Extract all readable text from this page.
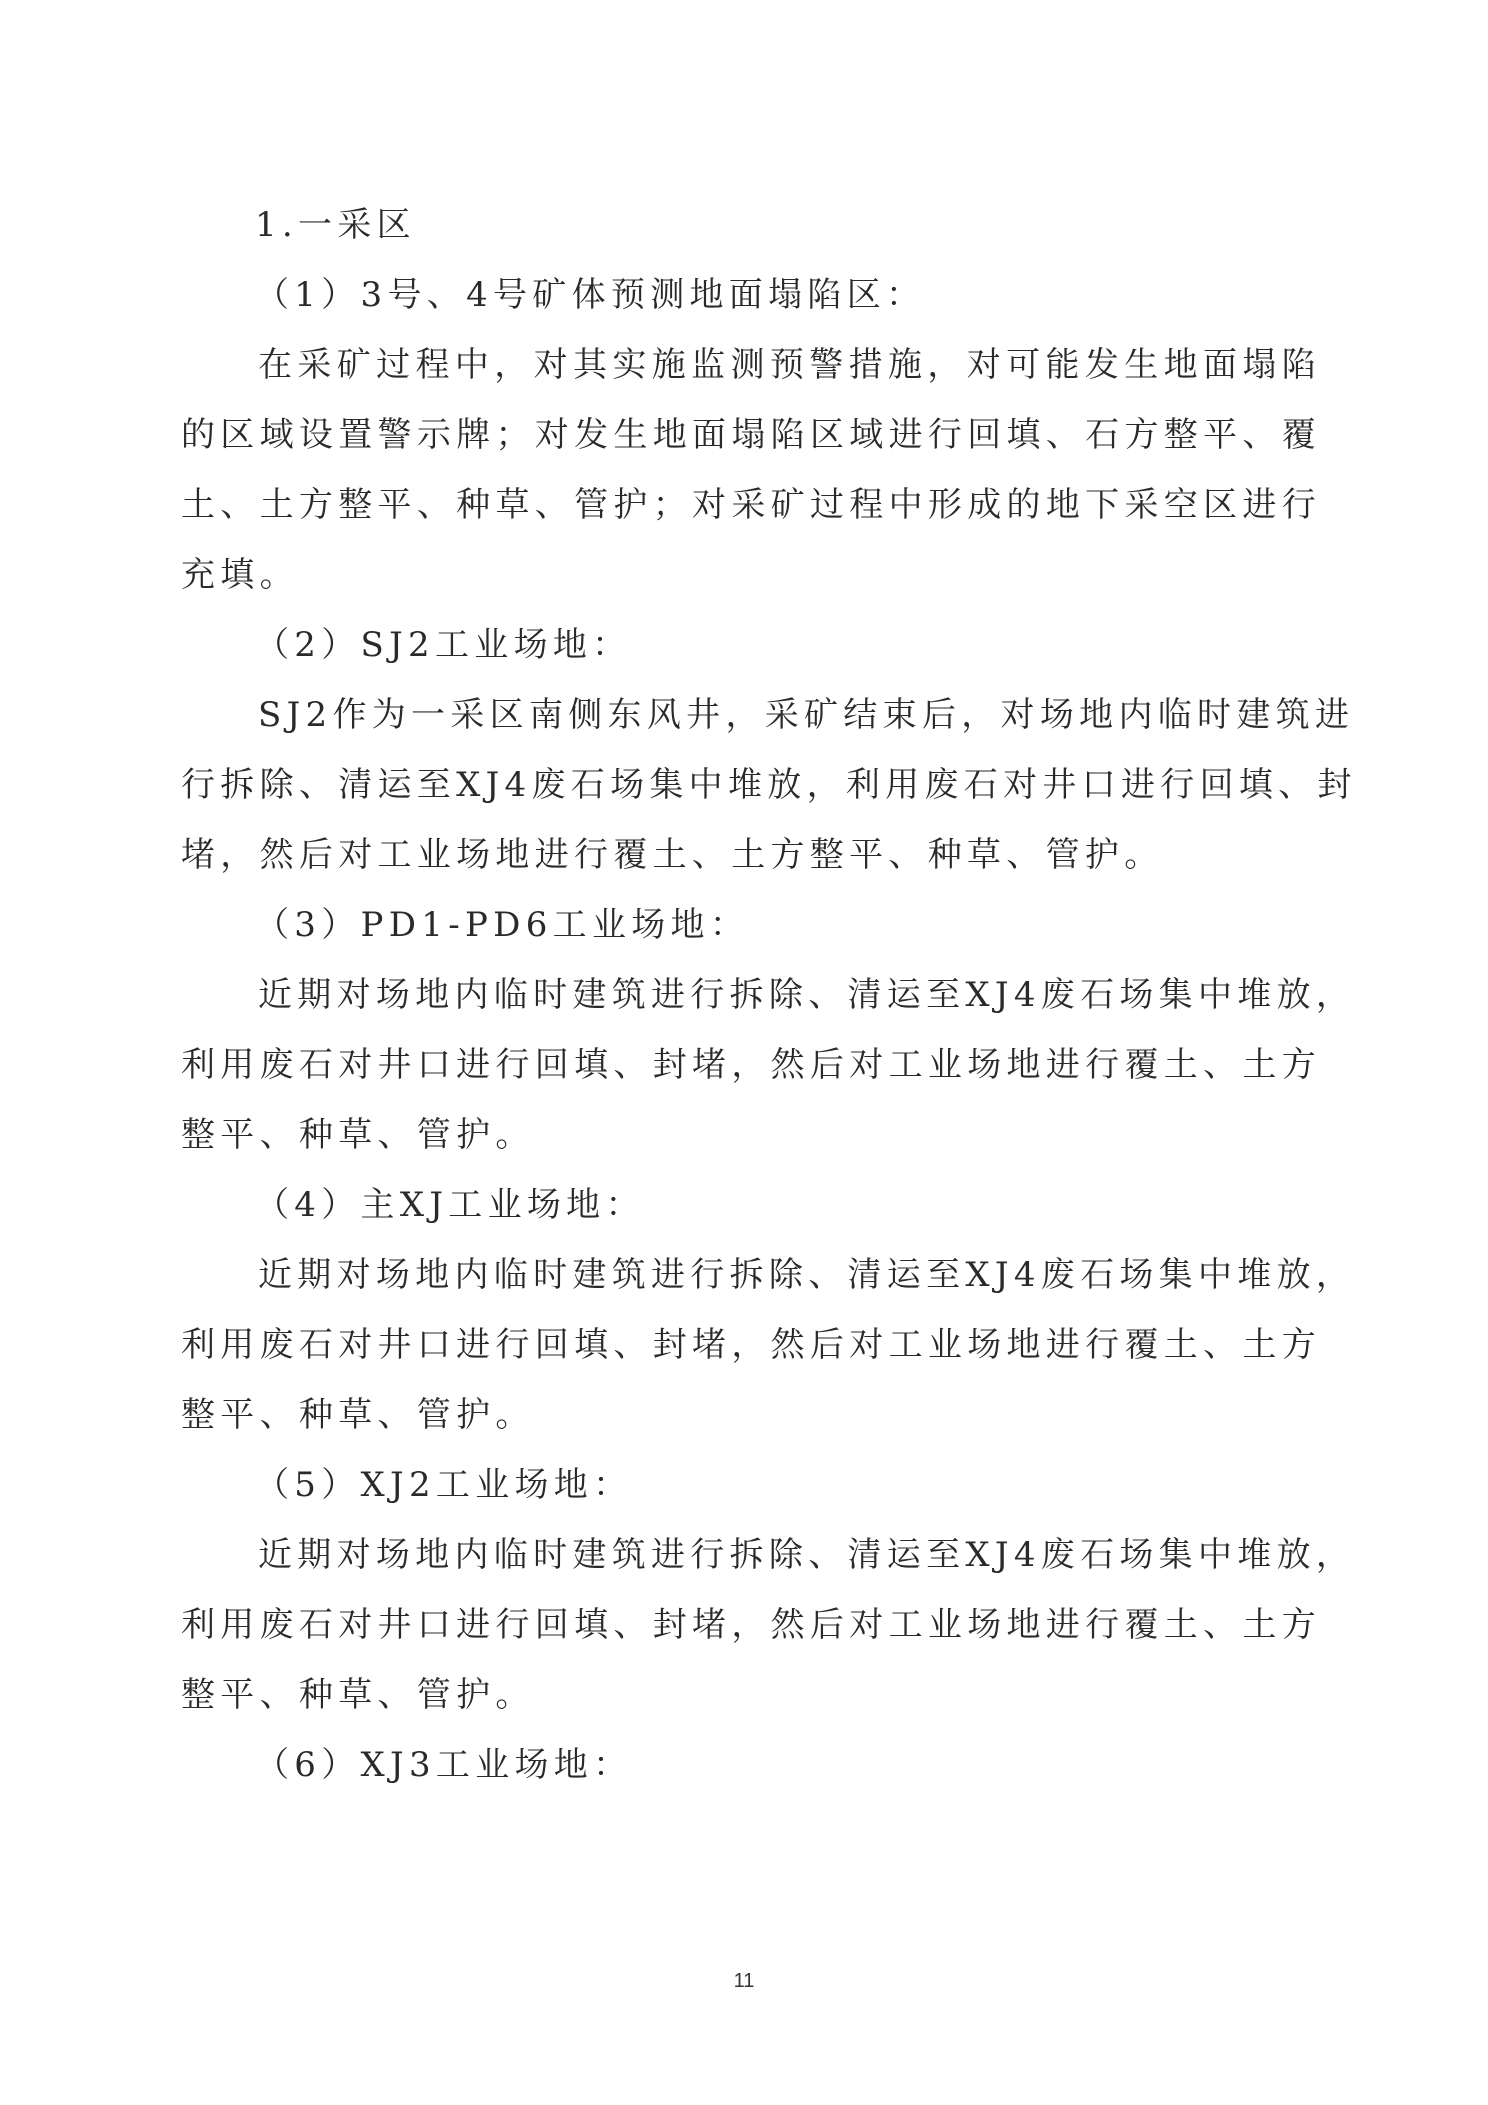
1.一采区

（1）3号、4号矿体预测地面塌陷区：

在采矿过程中，对其实施监测预警措施，对可能发生地面塌陷

的区域设置警示牌；对发生地面塌陷区域进行回填、石方整平、覆

土、土方整平、种草、管护；对采矿过程中形成的地下采空区进行

充填。

（2）SJ2工业场地：

SJ2作为一采区南侧东风井，采矿结束后，对场地内临时建筑进

行拆除、清运至XJ4废石场集中堆放，利用废石对井口进行回填、封

堵，然后对工业场地进行覆土、土方整平、种草、管护。

（3）PD1-PD6工业场地：

近期对场地内临时建筑进行拆除、清运至XJ4废石场集中堆放，

利用废石对井口进行回填、封堵，然后对工业场地进行覆土、土方

整平、种草、管护。

（4）主XJ工业场地：

近期对场地内临时建筑进行拆除、清运至XJ4废石场集中堆放，

利用废石对井口进行回填、封堵，然后对工业场地进行覆土、土方

整平、种草、管护。

（5）XJ2工业场地：

近期对场地内临时建筑进行拆除、清运至XJ4废石场集中堆放，

利用废石对井口进行回填、封堵，然后对工业场地进行覆土、土方

整平、种草、管护。

（6）XJ3工业场地：

11
